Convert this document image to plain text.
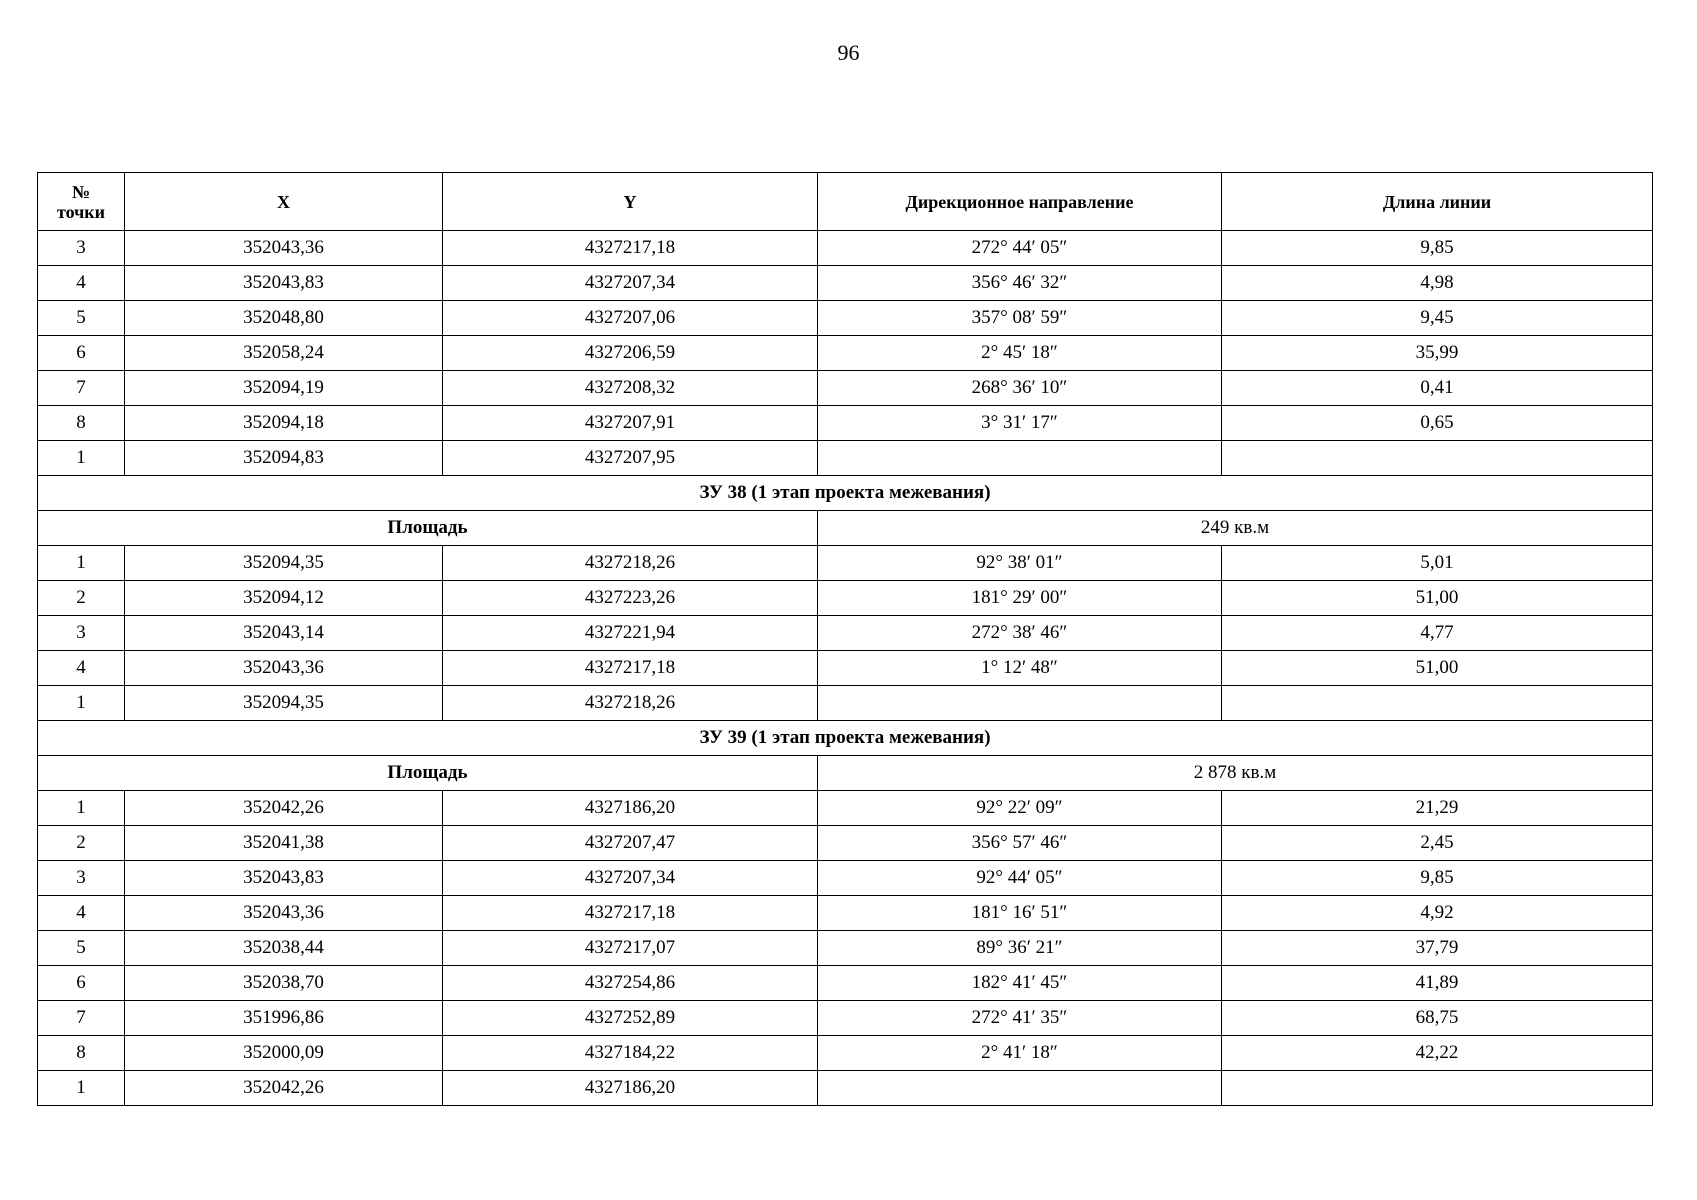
96
№
точки	X	Y	Дирекционное направление	Длина линии
3	352043,36	4327217,18	272° 44′ 05″	9,85
4	352043,83	4327207,34	356° 46′ 32″	4,98
5	352048,80	4327207,06	357° 08′ 59″	9,45
6	352058,24	4327206,59	2° 45′ 18″	35,99
7	352094,19	4327208,32	268° 36′ 10″	0,41
8	352094,18	4327207,91	3° 31′ 17″	0,65
1	352094,83	4327207,95		
ЗУ 38 (1 этап проекта межевания)				
Площадь			249 кв.м	
1	352094,35	4327218,26	92° 38′ 01″	5,01
2	352094,12	4327223,26	181° 29′ 00″	51,00
3	352043,14	4327221,94	272° 38′ 46″	4,77
4	352043,36	4327217,18	1° 12′ 48″	51,00
1	352094,35	4327218,26		
ЗУ 39 (1 этап проекта межевания)				
Площадь			2 878 кв.м	
1	352042,26	4327186,20	92° 22′ 09″	21,29
2	352041,38	4327207,47	356° 57′ 46″	2,45
3	352043,83	4327207,34	92° 44′ 05″	9,85
4	352043,36	4327217,18	181° 16′ 51″	4,92
5	352038,44	4327217,07	89° 36′ 21″	37,79
6	352038,70	4327254,86	182° 41′ 45″	41,89
7	351996,86	4327252,89	272° 41′ 35″	68,75
8	352000,09	4327184,22	2° 41′ 18″	42,22
1	352042,26	4327186,20		
